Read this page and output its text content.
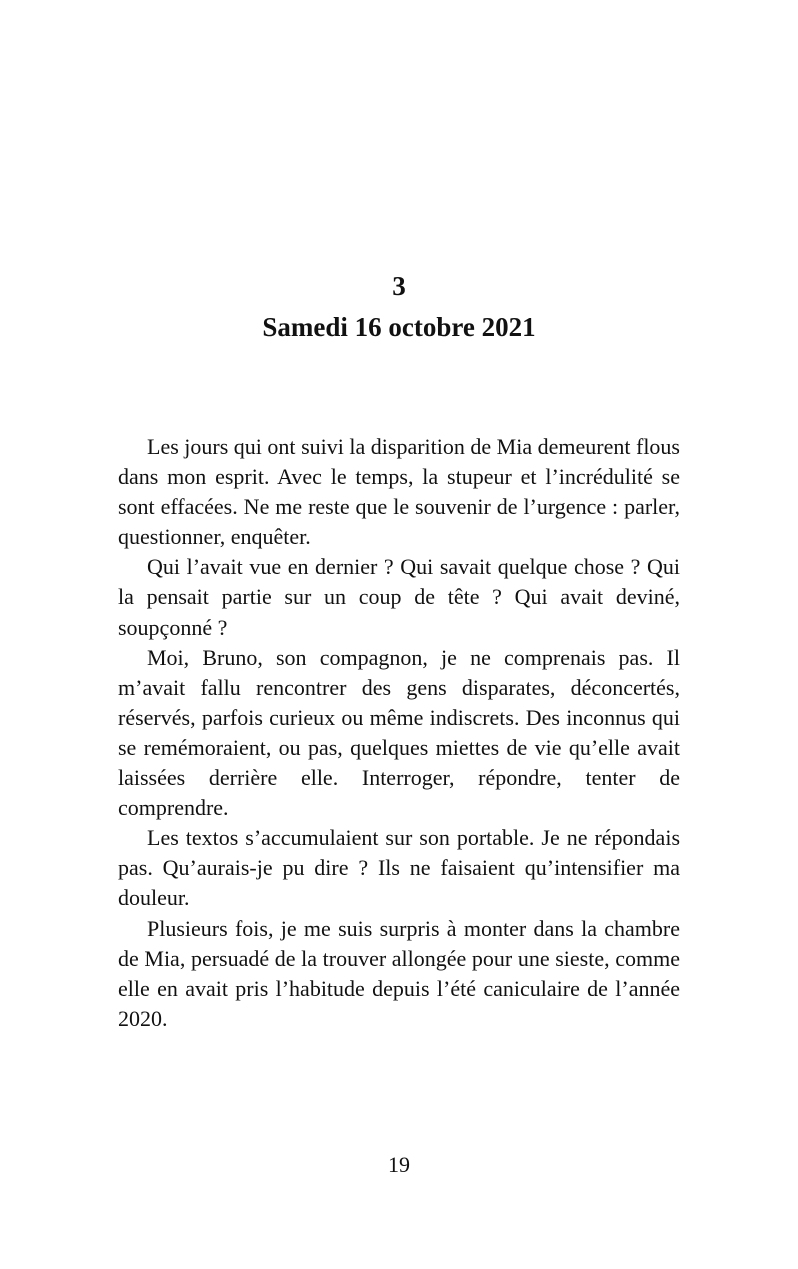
3
Samedi 16 octobre 2021

Les jours qui ont suivi la disparition de Mia demeurent flous dans mon esprit. Avec le temps, la stupeur et l’incrédulité se sont effacées. Ne me reste que le souvenir de l’urgence : parler, questionner, enquêter.

Qui l’avait vue en dernier ? Qui savait quelque chose ? Qui la pensait partie sur un coup de tête ? Qui avait deviné, soupçonné ?

Moi, Bruno, son compagnon, je ne comprenais pas. Il m’avait fallu rencontrer des gens disparates, déconcertés, réservés, parfois curieux ou même indiscrets. Des inconnus qui se remémoraient, ou pas, quelques miettes de vie qu’elle avait laissées derrière elle. Interroger, répondre, tenter de comprendre.

Les textos s’accumulaient sur son portable. Je ne répondais pas. Qu’aurais-je pu dire ? Ils ne faisaient qu’intensifier ma douleur.

Plusieurs fois, je me suis surpris à monter dans la chambre de Mia, persuadé de la trouver allongée pour une sieste, comme elle en avait pris l’habitude depuis l’été caniculaire de l’année 2020.

19
